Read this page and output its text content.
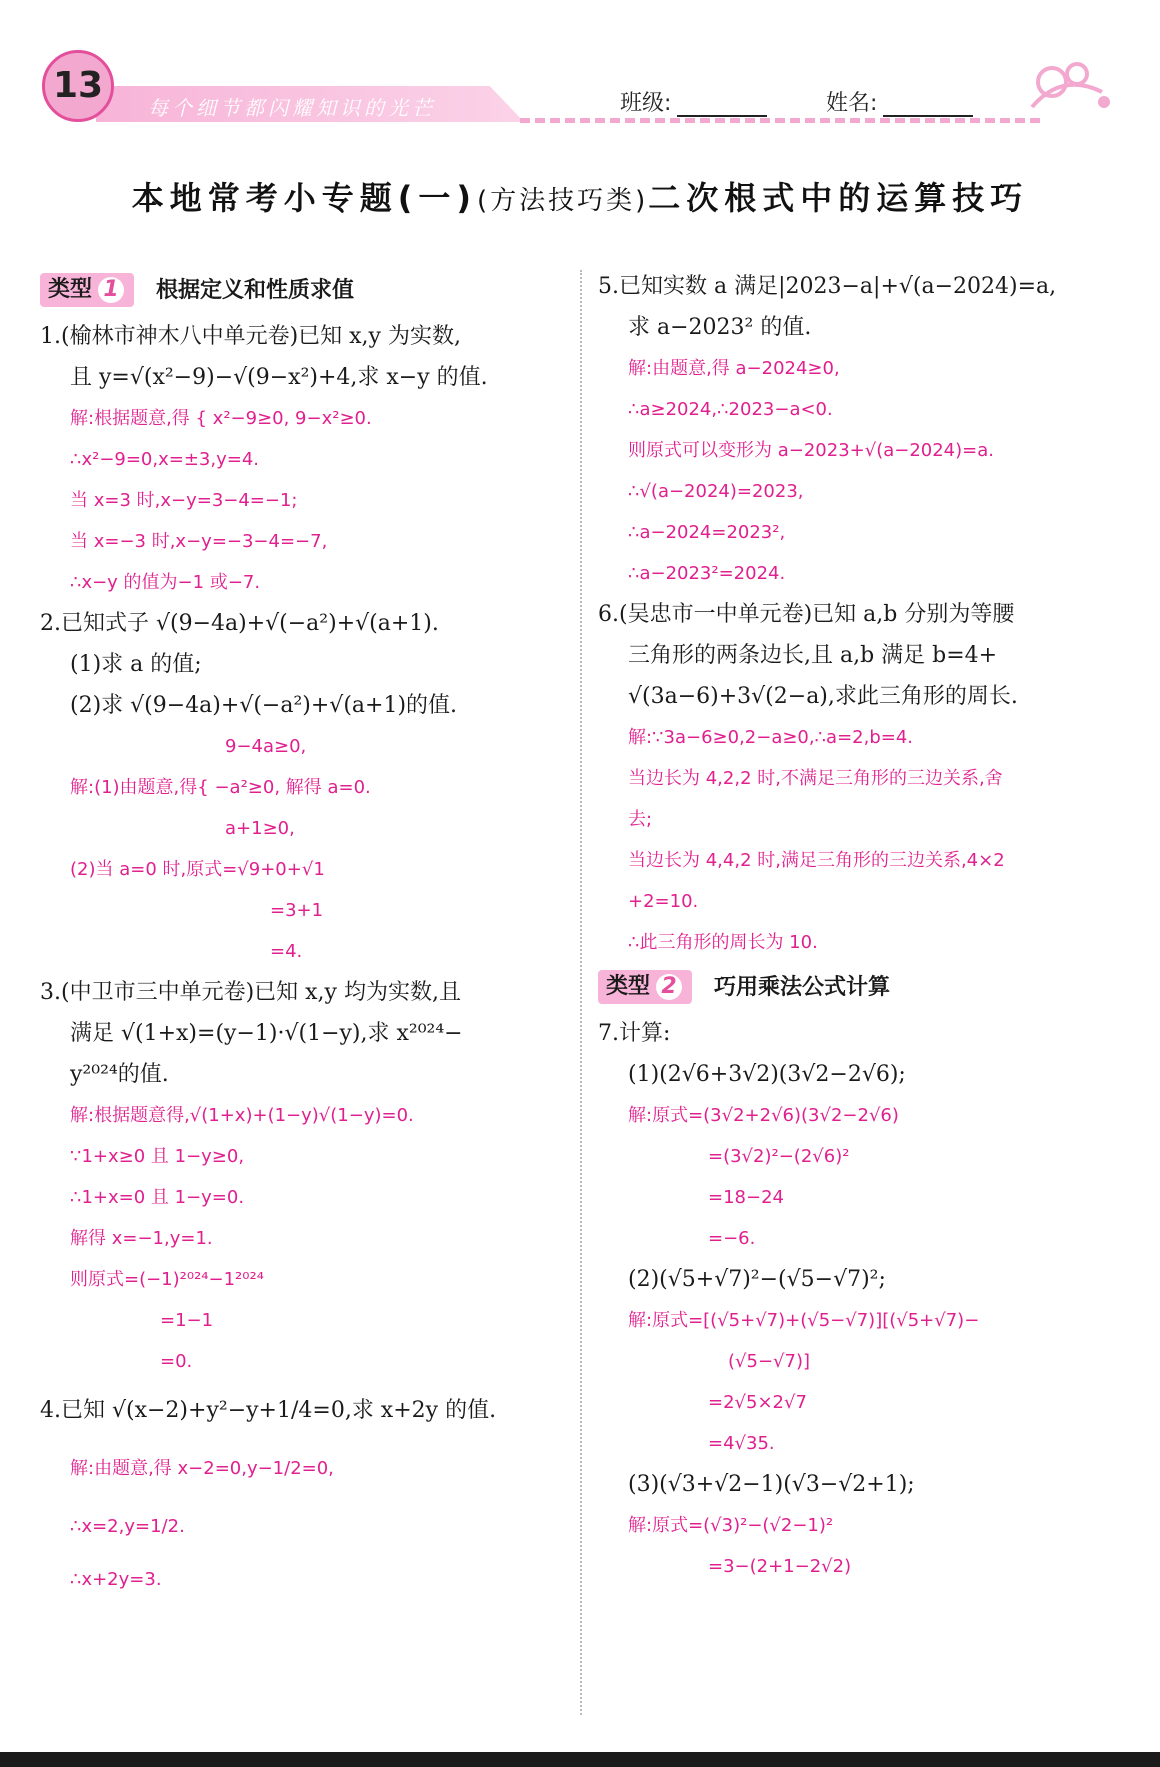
每个细节都闪耀知识的光芒
13	班级:	姓名:
本地常考小专题(一)(方法技巧类)二次根式中的运算技巧
类型 1	根据定义和性质求值
1.(榆林市神木八中单元卷)已知 x,y 为实数,
且 y=√(x²−9)−√(9−x²)+4,求 x−y 的值.
解:根据题意,得 { x²−9≥0, 9−x²≥0.
∴x²−9=0,x=±3,y=4.
当 x=3 时,x−y=3−4=−1;
当 x=−3 时,x−y=−3−4=−7,
∴x−y 的值为−1 或−7.
2.已知式子 √(9−4a)+√(−a²)+√(a+1).
(1)求 a 的值;
(2)求 √(9−4a)+√(−a²)+√(a+1)的值.
9−4a≥0,
解:(1)由题意,得{ −a²≥0, 解得 a=0.
a+1≥0,
(2)当 a=0 时,原式=√9+0+√1
=3+1
=4.
3.(中卫市三中单元卷)已知 x,y 均为实数,且
满足 √(1+x)=(y−1)·√(1−y),求 x²⁰²⁴−
y²⁰²⁴的值.
解:根据题意得,√(1+x)+(1−y)√(1−y)=0.
∵1+x≥0 且 1−y≥0,
∴1+x=0 且 1−y=0.
解得 x=−1,y=1.
则原式=(−1)²⁰²⁴−1²⁰²⁴
=1−1
=0.
4.已知 √(x−2)+y²−y+1/4=0,求 x+2y 的值.
解:由题意,得 x−2=0,y−1/2=0,
∴x=2,y=1/2.
∴x+2y=3.
5.已知实数 a 满足|2023−a|+√(a−2024)=a,
求 a−2023² 的值.
解:由题意,得 a−2024≥0,
∴a≥2024,∴2023−a<0.
则原式可以变形为 a−2023+√(a−2024)=a.
∴√(a−2024)=2023,
∴a−2024=2023²,
∴a−2023²=2024.
6.(吴忠市一中单元卷)已知 a,b 分别为等腰
三角形的两条边长,且 a,b 满足 b=4+
√(3a−6)+3√(2−a),求此三角形的周长.
解:∵3a−6≥0,2−a≥0,∴a=2,b=4.
当边长为 4,2,2 时,不满足三角形的三边关系,舍
去;
当边长为 4,4,2 时,满足三角形的三边关系,4×2
+2=10.
∴此三角形的周长为 10.
类型 2	巧用乘法公式计算
7.计算:
(1)(2√6+3√2)(3√2−2√6);
解:原式=(3√2+2√6)(3√2−2√6)
=(3√2)²−(2√6)²
=18−24
=−6.
(2)(√5+√7)²−(√5−√7)²;
解:原式=[(√5+√7)+(√5−√7)][(√5+√7)−
(√5−√7)]
=2√5×2√7
=4√35.
(3)(√3+√2−1)(√3−√2+1);
解:原式=(√3)²−(√2−1)²
=3−(2+1−2√2)
